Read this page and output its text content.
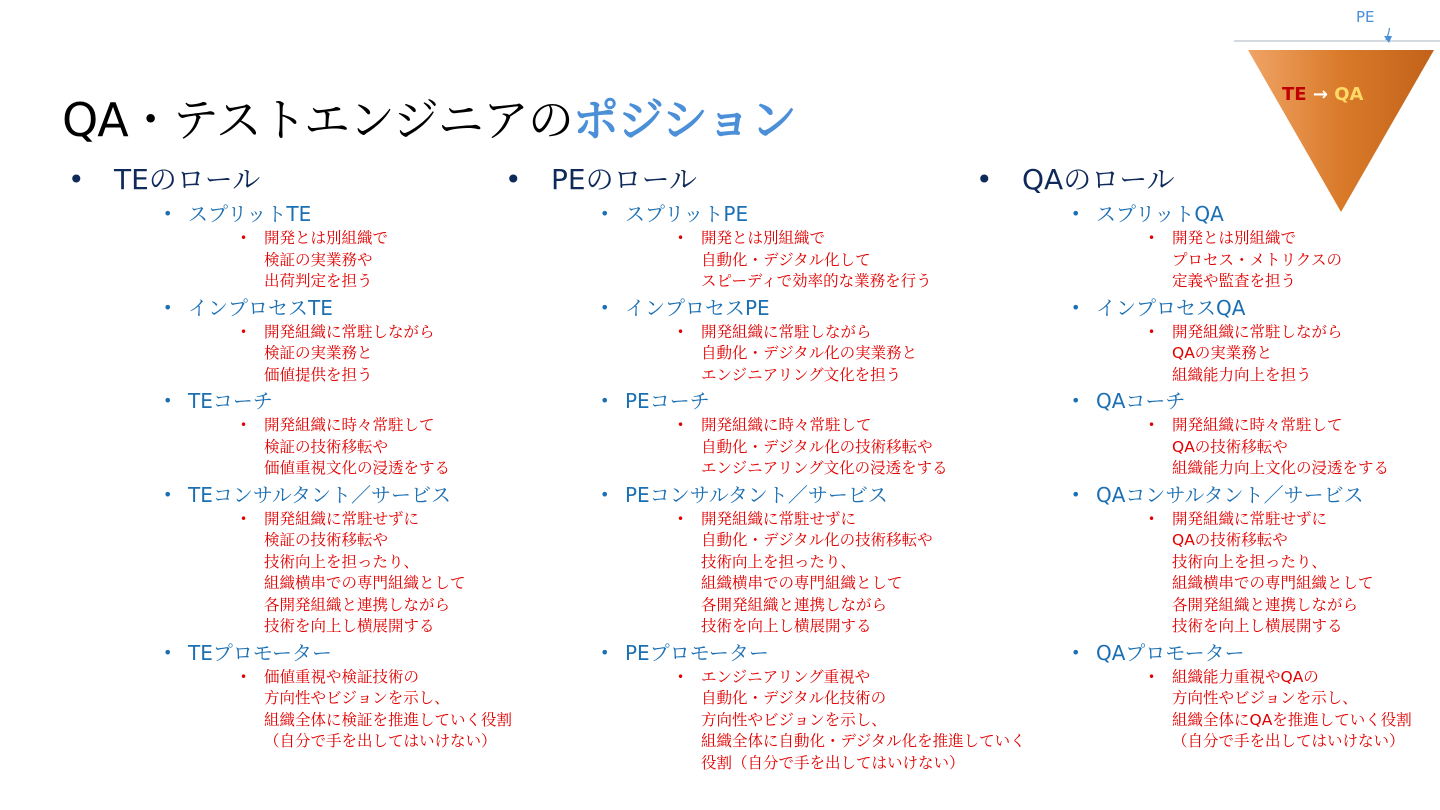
QA・テストエンジニアのポジション
PE
TE → QA
• TEのロール
• スプリットTE
• 開発とは別組織で
検証の実業務や
出荷判定を担う
• インプロセスTE
• 開発組織に常駐しながら
検証の実業務と
価値提供を担う
• TEコーチ
• 開発組織に時々常駐して
検証の技術移転や
価値重視文化の浸透をする
• TEコンサルタント／サービス
• 開発組織に常駐せずに
検証の技術移転や
技術向上を担ったり、
組織横串での専門組織として
各開発組織と連携しながら
技術を向上し横展開する
• TEプロモーター
• 価値重視や検証技術の
方向性やビジョンを示し、
組織全体に検証を推進していく役割
（自分で手を出してはいけない）
• PEのロール
• スプリットPE
• 開発とは別組織で
自動化・デジタル化して
スピーディで効率的な業務を行う
• インプロセスPE
• 開発組織に常駐しながら
自動化・デジタル化の実業務と
エンジニアリング文化を担う
• PEコーチ
• 開発組織に時々常駐して
自動化・デジタル化の技術移転や
エンジニアリング文化の浸透をする
• PEコンサルタント／サービス
• 開発組織に常駐せずに
自動化・デジタル化の技術移転や
技術向上を担ったり、
組織横串での専門組織として
各開発組織と連携しながら
技術を向上し横展開する
• PEプロモーター
• エンジニアリング重視や
自動化・デジタル化技術の
方向性やビジョンを示し、
組織全体に自動化・デジタル化を推進していく
役割（自分で手を出してはいけない）
• QAのロール
• スプリットQA
• 開発とは別組織で
プロセス・メトリクスの
定義や監査を担う
• インプロセスQA
• 開発組織に常駐しながら
QAの実業務と
組織能力向上を担う
• QAコーチ
• 開発組織に時々常駐して
QAの技術移転や
組織能力向上文化の浸透をする
• QAコンサルタント／サービス
• 開発組織に常駐せずに
QAの技術移転や
技術向上を担ったり、
組織横串での専門組織として
各開発組織と連携しながら
技術を向上し横展開する
• QAプロモーター
• 組織能力重視やQAの
方向性やビジョンを示し、
組織全体にQAを推進していく役割
（自分で手を出してはいけない）
